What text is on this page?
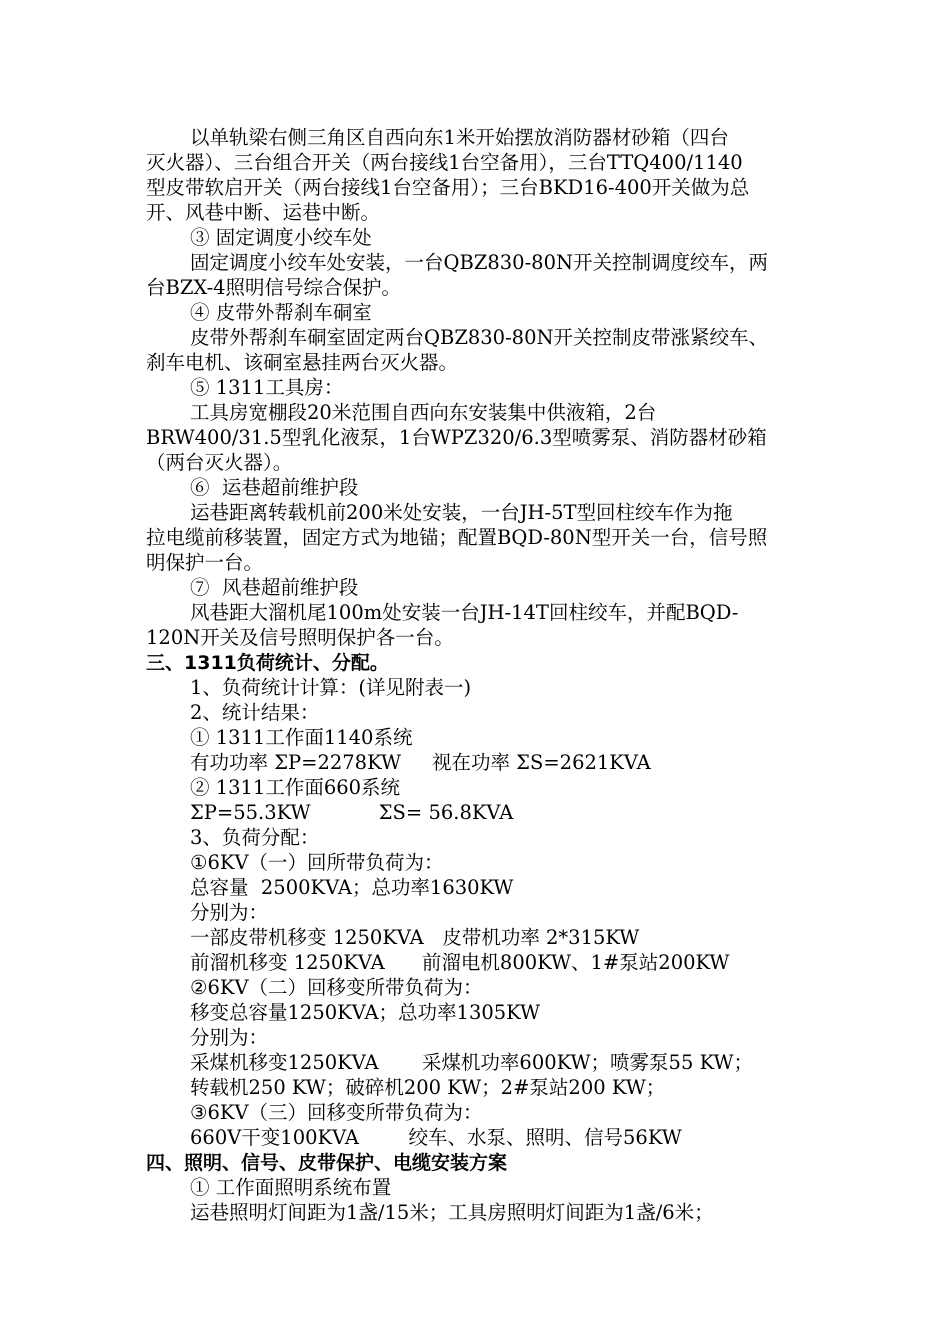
以单轨梁右侧三角区自西向东1米开始摆放消防器材砂箱（四台
灭火器）、三台组合开关（两台接线1台空备用），三台TTQ400/1140
型皮带软启开关（两台接线1台空备用）；三台BKD16-400开关做为总
开、风巷中断、运巷中断。
③ 固定调度小绞车处
固定调度小绞车处安装，一台QBZ830-80N开关控制调度绞车，两
台BZX-4照明信号综合保护。
④ 皮带外帮刹车硐室
皮带外帮刹车硐室固定两台QBZ830-80N开关控制皮带涨紧绞车、
刹车电机、该硐室悬挂两台灭火器。
⑤ 1311工具房：
工具房宽棚段20米范围自西向东安装集中供液箱，2台
BRW400/31.5型乳化液泵，1台WPZ320/6.3型喷雾泵、消防器材砂箱
（两台灭火器）。
⑥  运巷超前维护段
运巷距离转载机前200米处安装，一台JH-5T型回柱绞车作为拖
拉电缆前移装置，固定方式为地锚；配置BQD-80N型开关一台，信号照
明保护一台。
⑦  风巷超前维护段
风巷距大溜机尾100m处安装一台JH-14T回柱绞车，并配BQD-
120N开关及信号照明保护各一台。
三、1311负荷统计、分配。
1、负荷统计计算：(详见附表一)
2、统计结果：
① 1311工作面1140系统
有功功率 ΣP=2278KW     视在功率 ΣS=2621KVA
② 1311工作面660系统
ΣP=55.3KW           ΣS= 56.8KVA
3、负荷分配：
①6KV（一）回所带负荷为：
总容量  2500KVA；总功率1630KW
分别为：
一部皮带机移变 1250KVA   皮带机功率 2*315KW
前溜机移变 1250KVA      前溜电机800KW、1#泵站200KW
②6KV（二）回移变所带负荷为：
移变总容量1250KVA；总功率1305KW
分别为：
采煤机移变1250KVA       采煤机功率600KW；喷雾泵55 KW；
转载机250 KW；破碎机200 KW；2#泵站200 KW；
③6KV（三）回移变所带负荷为：
660V干变100KVA        绞车、水泵、照明、信号56KW
四、照明、信号、皮带保护、电缆安装方案
① 工作面照明系统布置
运巷照明灯间距为1盏/15米；工具房照明灯间距为1盏/6米；
